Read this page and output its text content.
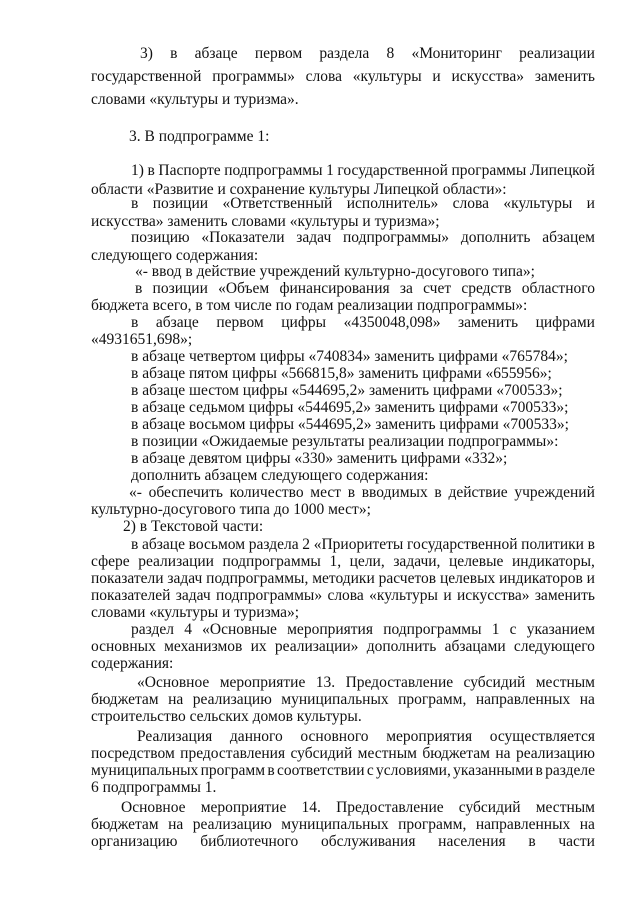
3) в абзаце первом раздела 8 «Мониторинг реализации
государственной программы» слова «культуры и искусства» заменить
словами «культуры и туризма».
3. В подпрограмме 1:
1) в Паспорте подпрограммы 1 государственной программы Липецкой
области «Развитие и сохранение культуры Липецкой области»:
в позиции «Ответственный исполнитель» слова «культуры и
искусства» заменить словами «культуры и туризма»;
позицию «Показатели задач подпрограммы» дополнить абзацем
следующего содержания:
«- ввод в действие учреждений культурно-досугового типа»;
в позиции «Объем финансирования за счет средств областного
бюджета всего, в том числе по годам реализации подпрограммы»:
в абзаце первом цифры «4350048,098» заменить цифрами
«4931651,698»;
в абзаце четвертом цифры «740834» заменить цифрами «765784»;
в абзаце пятом цифры «566815,8» заменить цифрами «655956»;
в абзаце шестом цифры «544695,2» заменить цифрами «700533»;
в абзаце седьмом цифры «544695,2» заменить цифрами «700533»;
в абзаце восьмом цифры «544695,2» заменить цифрами «700533»;
в позиции «Ожидаемые результаты реализации подпрограммы»:
в абзаце девятом цифры «330» заменить цифрами «332»;
дополнить абзацем следующего содержания:
«- обеспечить количество мест в вводимых в действие учреждений
культурно-досугового типа до 1000 мест»;
2) в Текстовой части:
в абзаце восьмом раздела 2 «Приоритеты государственной политики в
сфере реализации подпрограммы 1, цели, задачи, целевые индикаторы,
показатели задач подпрограммы, методики расчетов целевых индикаторов и
показателей задач подпрограммы» слова «культуры и искусства» заменить
словами «культуры и туризма»;
раздел 4 «Основные мероприятия подпрограммы 1 с указанием
основных механизмов их реализации» дополнить абзацами следующего
содержания:
«Основное мероприятие 13. Предоставление субсидий местным
бюджетам на реализацию муниципальных программ, направленных на
строительство сельских домов культуры.
Реализация данного основного мероприятия осуществляется
посредством предоставления субсидий местным бюджетам на реализацию
муниципальных программ в соответствии с условиями, указанными в разделе
6 подпрограммы 1.
Основное мероприятие 14. Предоставление субсидий местным
бюджетам на реализацию муниципальных программ, направленных на
организацию библиотечного обслуживания населения в части
